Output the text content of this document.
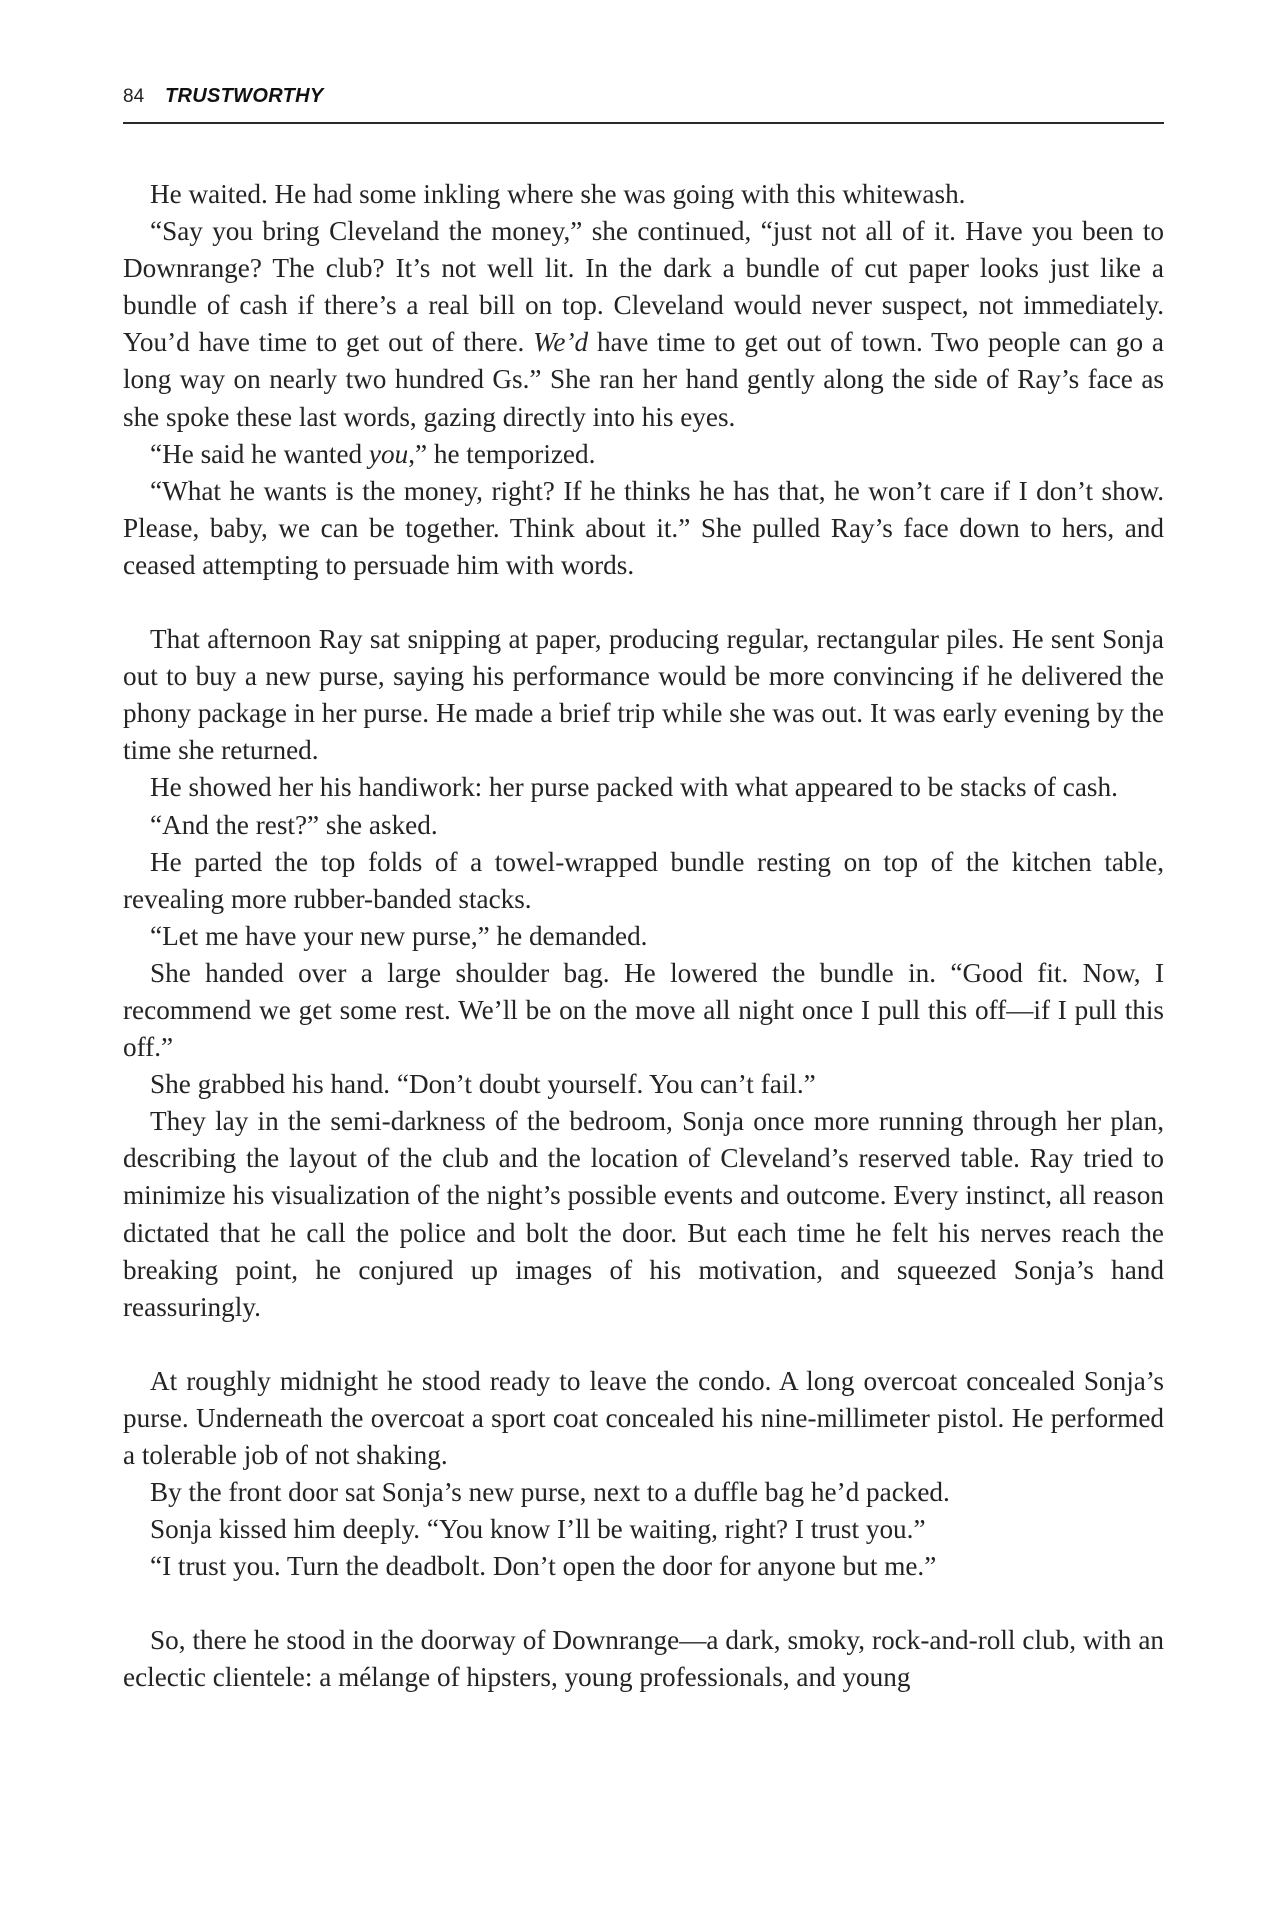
84 TRUSTWORTHY

He waited. He had some inkling where she was going with this whitewash.

“Say you bring Cleveland the money,” she continued, “just not all of it. Have you been to Downrange? The club? It’s not well lit. In the dark a bundle of cut paper looks just like a bundle of cash if there’s a real bill on top. Cleveland would never suspect, not immediately. You’d have time to get out of there. We’d have time to get out of town. Two people can go a long way on nearly two hundred Gs.” She ran her hand gently along the side of Ray’s face as she spoke these last words, gazing directly into his eyes.

“He said he wanted you,” he temporized.

“What he wants is the money, right? If he thinks he has that, he won’t care if I don’t show. Please, baby, we can be together. Think about it.” She pulled Ray’s face down to hers, and ceased attempting to persuade him with words.

That afternoon Ray sat snipping at paper, producing regular, rectangular piles. He sent Sonja out to buy a new purse, saying his performance would be more convincing if he delivered the phony package in her purse. He made a brief trip while she was out. It was early evening by the time she returned.

He showed her his handiwork: her purse packed with what appeared to be stacks of cash.

“And the rest?” she asked.

He parted the top folds of a towel-wrapped bundle resting on top of the kitchen table, revealing more rubber-banded stacks.

“Let me have your new purse,” he demanded.

She handed over a large shoulder bag. He lowered the bundle in. “Good fit. Now, I recommend we get some rest. We’ll be on the move all night once I pull this off—if I pull this off.”

She grabbed his hand. “Don’t doubt yourself. You can’t fail.”

They lay in the semi-darkness of the bedroom, Sonja once more running through her plan, describing the layout of the club and the location of Cleveland’s reserved table. Ray tried to minimize his visualization of the night’s possible events and outcome. Every instinct, all reason dictated that he call the police and bolt the door. But each time he felt his nerves reach the breaking point, he conjured up images of his motivation, and squeezed Sonja’s hand reassuringly.

At roughly midnight he stood ready to leave the condo. A long overcoat concealed Sonja’s purse. Underneath the overcoat a sport coat concealed his nine-millimeter pistol. He performed a tolerable job of not shaking.

By the front door sat Sonja’s new purse, next to a duffle bag he’d packed.

Sonja kissed him deeply. “You know I’ll be waiting, right? I trust you.”

“I trust you. Turn the deadbolt. Don’t open the door for anyone but me.”

So, there he stood in the doorway of Downrange—a dark, smoky, rock-and-roll club, with an eclectic clientele: a mélange of hipsters, young professionals, and young
